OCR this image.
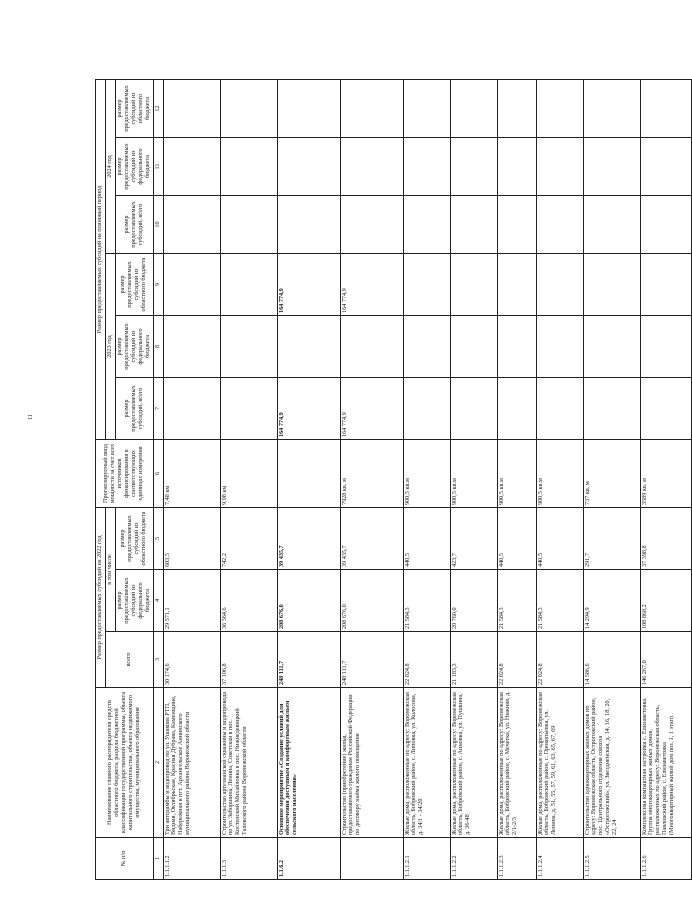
11
№ п/п	Наименование главного распорядителя средств областного бюджета, раздела бюджетной классификации государственной программы, объекта капитального строительства, объекта недвижимого имущества, муниципального образования	Размер предоставляемых субсидий на 2022 год			Прогнозируемый ввод мощности за счет всех источников финансирования в соответствующих единицах измерения	Размер предоставляемых субсидий на плановый период					
		всего	в том числе			2023 год			2024 год		
			размер предоставляемых субсидий из федерального бюджета	размер предоставляемых субсидий из областного бюджета		размер предоставляемых субсидий, всего	размер предоставляемых субсидий из федерального бюджета	размер предоставляемых субсидий из областного бюджета	размер предоставляемых субсидий, всего	размер предоставляемых субсидий из федерального бюджета	размер предоставляемых субсидий из областного бюджета
1	2	3	4	5	6	7	8	9	10	11	12
1.1.1.1.2	Три автодамбы и водопровод по ул. Ушакова РТП, Видная, Октябрьская, Красная Дубрава, Каменщина, Набережная в пгт. Архангельское Аннинского муниципального района Воронежской области	30 174,6	29 571,1	603,5	7,48 км						
1.1.1.3	Строительство артезианской скважины и водопровода по ул. Заборшина, Ленина, Советская в пос. Костенский Михайловка в пос. Нижнедевицкий Таловского района Воронежской области	37 106,8	36 364,6	742,2	9,98 км						
1.1.6.2	Основное мероприятие «Создание условий для обеспечения доступным и комфортным жильем сельского населения»	248 111,7	208 676,0	39 435,7		164 774,9		164 774,9			
	Строительство (приобретение) жилья, предоставляемого гражданам Российской Федерации по договору найма жилого помещения	248 111,7	208 676,0	39 435,7	7928 кв. м	164 774,9		164 774,9			
1.1.1.2.1	Жилые дома, расположенные по адресу: Воронежская область, Бобровский район, с. Липовка, ул. Колосова, д. 34/1 - 34/20	22 024,8	21 584,3	440,5	900,5 кв.м						
1.1.1.2.2	Жилые дома, расположенные по адресу: Воронежская область, Бобровский район, с. Анновка, ул. Пушкина, д. 36-48	21 183,3	20 760,0	423,7	900,5 кв.м						
1.1.1.2.3	Жилые дома, расположенные по адресу: Воронежская область, Бобровский район, с. Мечетка, ул. Нижняя, д. 2/1-2/3	22 024,8	21 584,3	440,5	900,5 кв.м						
1.1.1.2.4	Жилые дома, расположенные по адресу: Воронежская область, Бобровский район, с. Прокопьевка, ул. Ленина, д. 51, 55, 57, 59, 61, 63, 65, 67, 69	22 024,8	21 584,3	440,5	900,5 кв.м						
1.1.1.2.5	Строительство одноквартирных жилых домов по адресу: Воронежская область, Острогожский район, пос. Центрального отделения совхоза «Острогожский», ул. Звездненская, д. 14, 16, 18, 20, 22, 24	14 586,6	14 294,9	291,7	737 кв. м						
1.1.1.2.6	Комплексная компактная застройка с. Елизаветовка. Группа многоквартирных жилых домов, расположенных по адресу: Воронежская область, Павловский район, с. Елизаветовка (Многоквартирный жилой дом поз. 1, 1 этап)	146 267,0	108 868,2	37 398,8	3589 кв. м						
